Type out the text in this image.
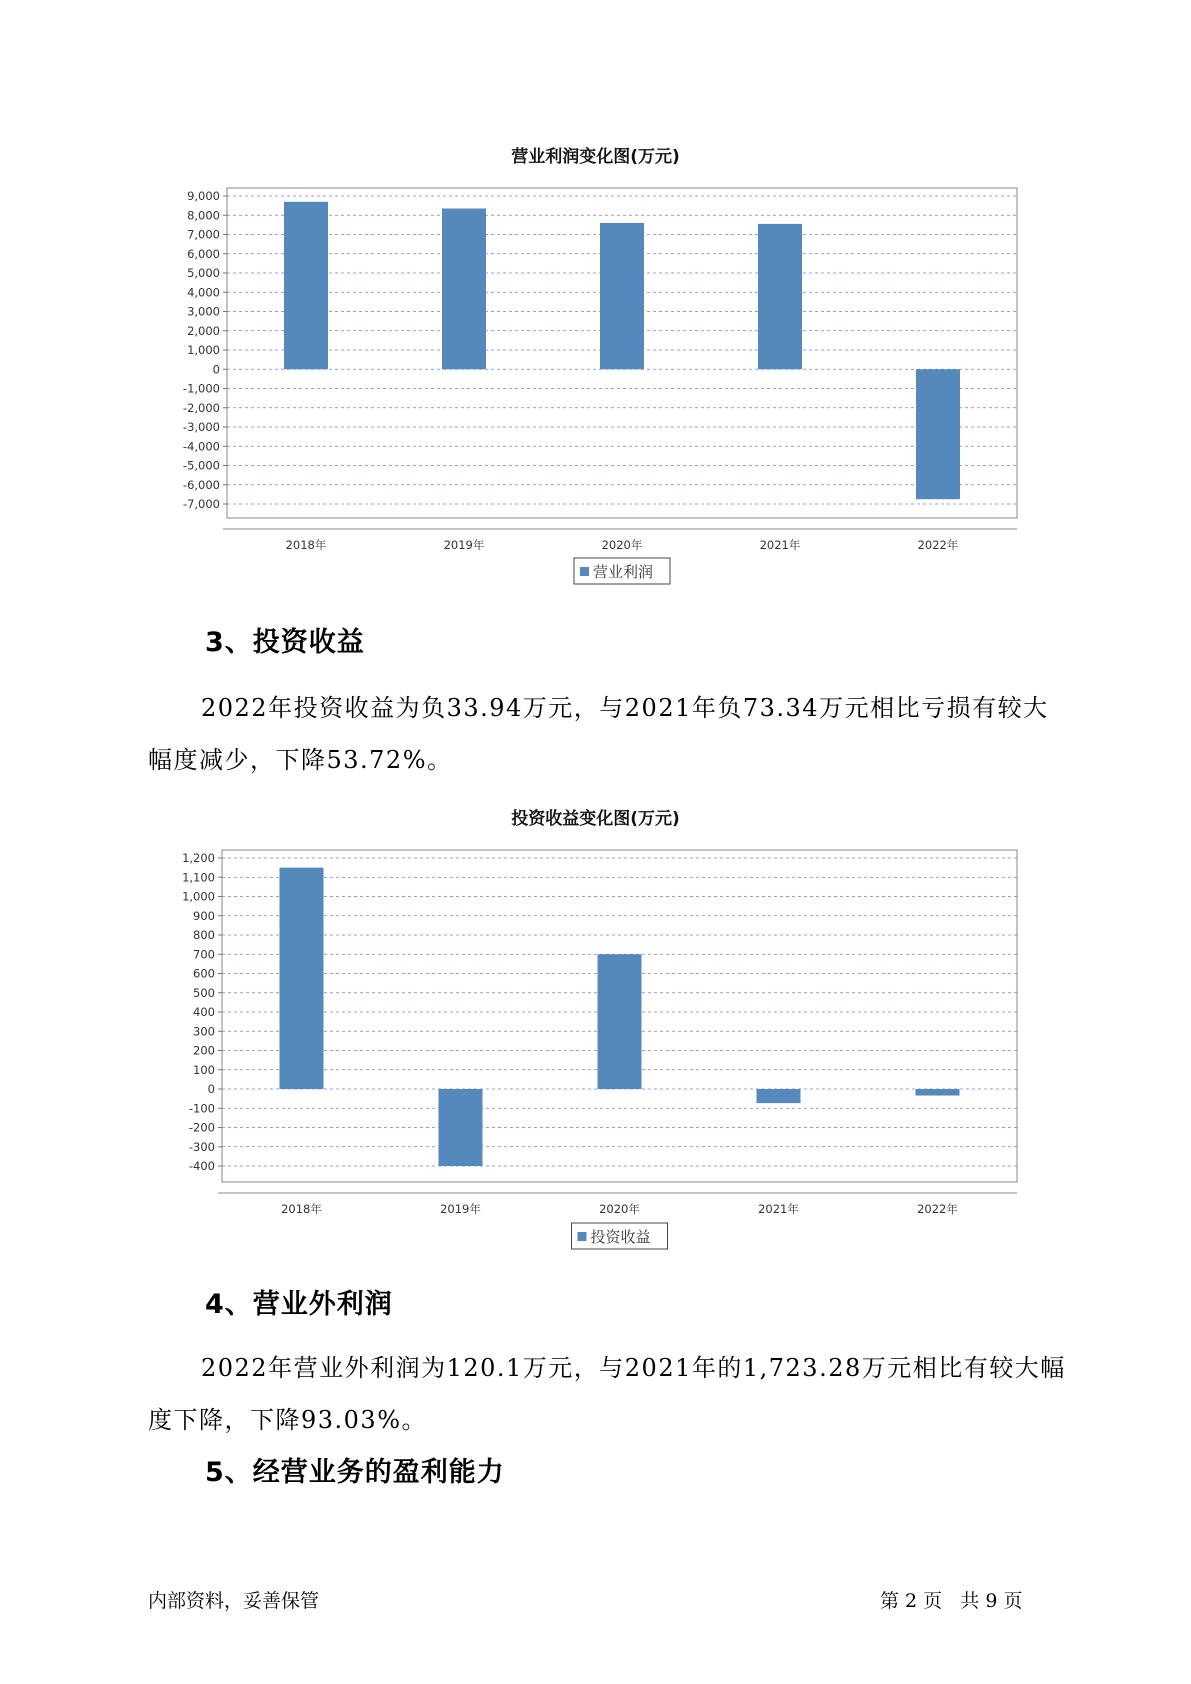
营业利润变化图(万元)
9,000
8,000
7,000
6,000
5,000
4,000
3,000
2,000
1,000
0
-1,000
-2,000
-3,000
-4,000
-5,000
-6,000
-7,000
2018年	2019年	2020年	2021年	2022年
营业利润
3、投资收益
2022年投资收益为负33.94万元，与2021年负73.34万元相比亏损有较大幅度减少，下降53.72%。
投资收益变化图(万元)
1,200
1,100
1,000
900
800
700
600
500
400
300
200
100
0
-100
-200
-300
-400
2018年	2019年	2020年	2021年	2022年
投资收益
4、营业外利润
2022年营业外利润为120.1万元，与2021年的1,723.28万元相比有较大幅度下降，下降93.03%。
5、经营业务的盈利能力
内部资料，妥善保管	第 2 页   共 9 页
